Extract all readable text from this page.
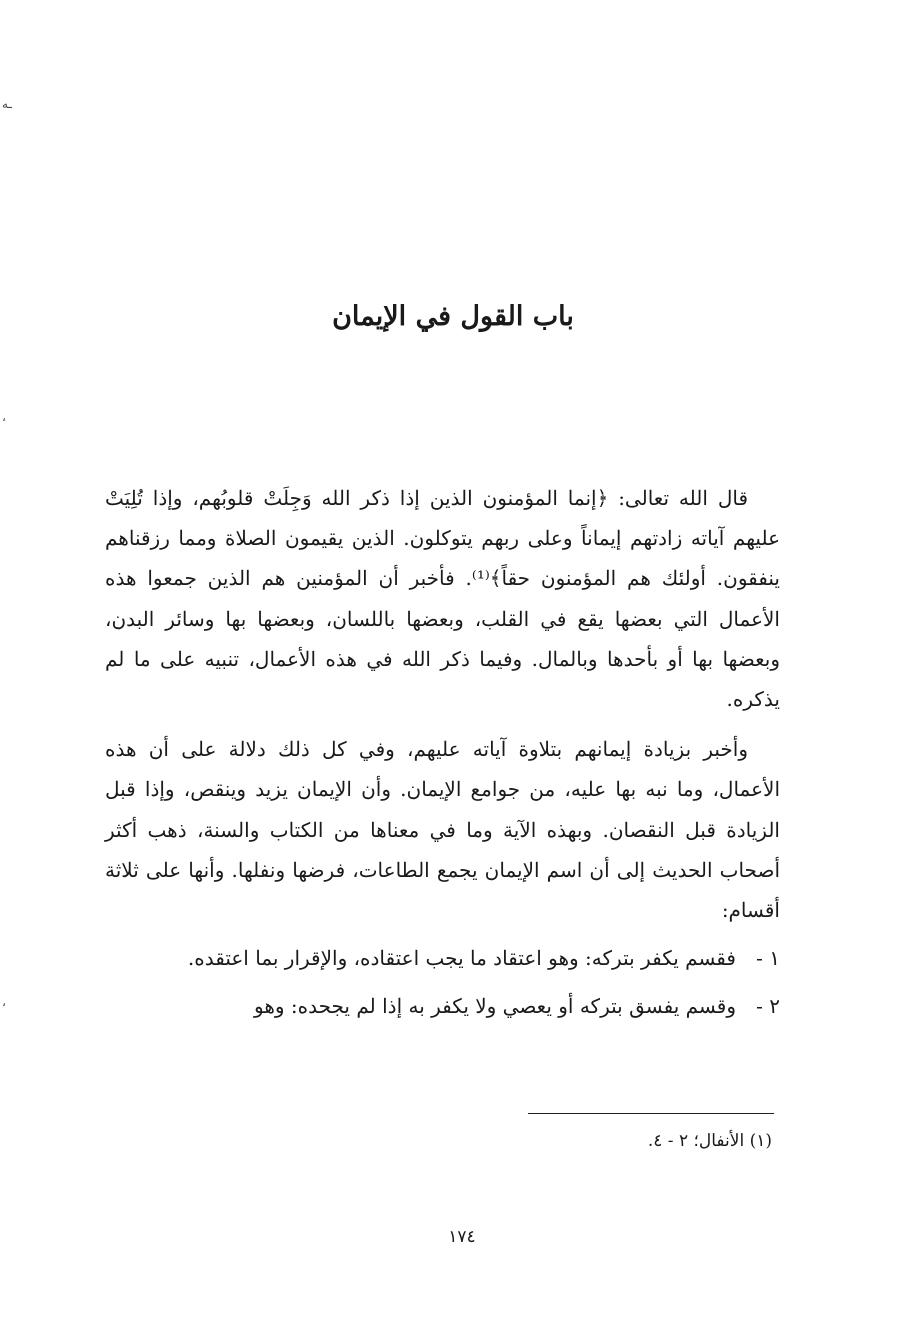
ـه
،
،
باب القول في الإيمان

قال الله تعالى: ﴿إنما المؤمنون الذين إذا ذكر الله وَجِلَتْ قلوبُهم، وإذا تُلِيَتْ عليهم آياته زادتهم إيماناً وعلى ربهم يتوكلون. الذين يقيمون الصلاة ومما رزقناهم ينفقون. أولئك هم المؤمنون حقاً﴾⁽¹⁾. فأخبر أن المؤمنين هم الذين جمعوا هذه الأعمال التي بعضها يقع في القلب، وبعضها باللسان، وبعضها بها وسائر البدن، وبعضها بها أو بأحدها وبالمال. وفيما ذكر الله في هذه الأعمال، تنبيه على ما لم يذكره.

وأخبر بزيادة إيمانهم بتلاوة آياته عليهم، وفي كل ذلك دلالة على أن هذه الأعمال، وما نبه بها عليه، من جوامع الإيمان. وأن الإيمان يزيد وينقص، وإذا قبل الزيادة قبل النقصان. وبهذه الآية وما في معناها من الكتاب والسنة، ذهب أكثر أصحاب الحديث إلى أن اسم الإيمان يجمع الطاعات، فرضها ونفلها. وأنها على ثلاثة أقسام:

١ -
فقسم يكفر بتركه: وهو اعتقاد ما يجب اعتقاده، والإقرار بما اعتقده.
٢ -
وقسم يفسق بتركه أو يعصي ولا يكفر به إذا لم يجحده: وهو
(١) الأنفال؛ ٢ - ٤.
١٧٤
